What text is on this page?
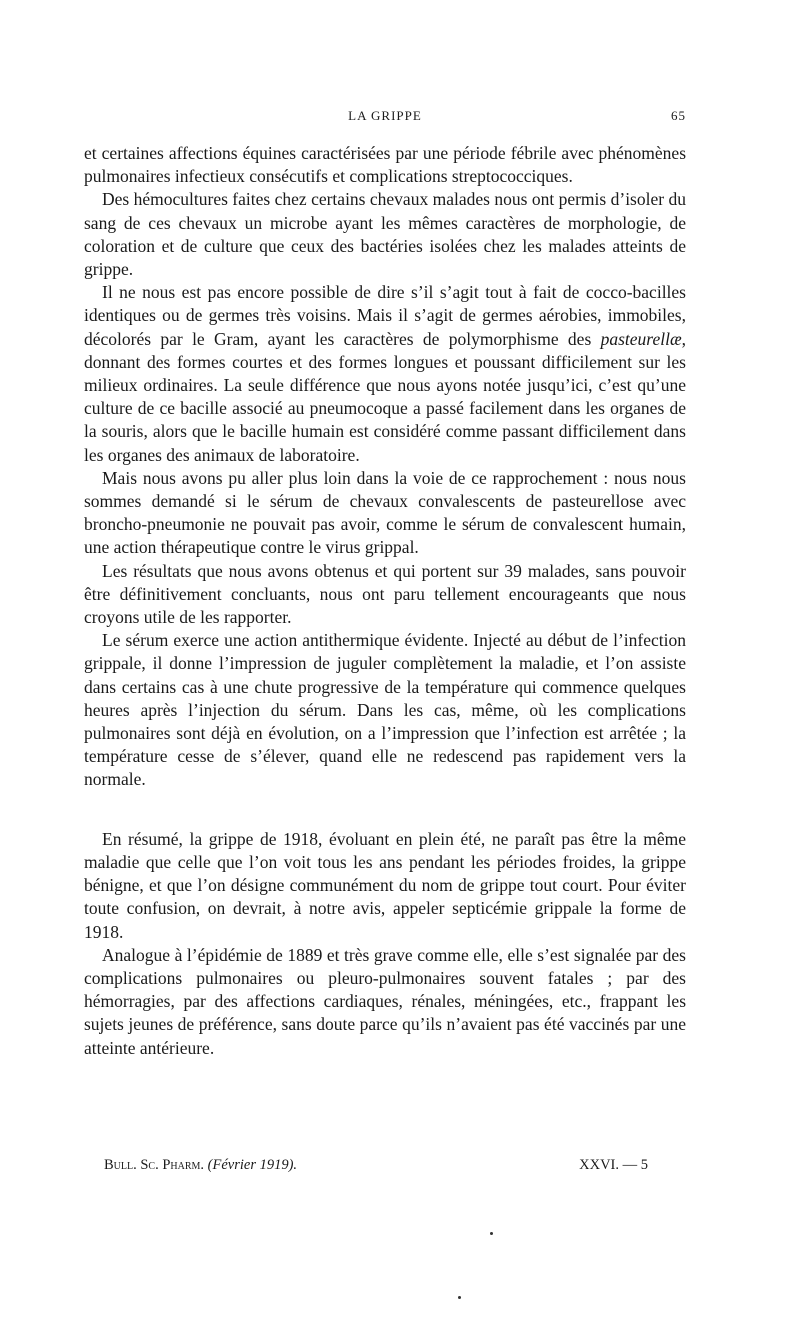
LA GRIPPE	65

et certaines affections équines caractérisées par une période fébrile avec phénomènes pulmonaires infectieux consécutifs et complications streptococciques.

Des hémocultures faites chez certains chevaux malades nous ont permis d’isoler du sang de ces chevaux un microbe ayant les mêmes caractères de morphologie, de coloration et de culture que ceux des bactéries isolées chez les malades atteints de grippe.

Il ne nous est pas encore possible de dire s’il s’agit tout à fait de cocco-bacilles identiques ou de germes très voisins. Mais il s’agit de germes aérobies, immobiles, décolorés par le Gram, ayant les caractères de polymorphisme des pasteurellæ, donnant des formes courtes et des formes longues et poussant difficilement sur les milieux ordinaires. La seule différence que nous ayons notée jusqu’ici, c’est qu’une culture de ce bacille associé au pneumocoque a passé facilement dans les organes de la souris, alors que le bacille humain est considéré comme passant difficilement dans les organes des animaux de laboratoire.

Mais nous avons pu aller plus loin dans la voie de ce rapprochement : nous nous sommes demandé si le sérum de chevaux convalescents de pasteurellose avec broncho-pneumonie ne pouvait pas avoir, comme le sérum de convalescent humain, une action thérapeutique contre le virus grippal.

Les résultats que nous avons obtenus et qui portent sur 39 malades, sans pouvoir être définitivement concluants, nous ont paru tellement encourageants que nous croyons utile de les rapporter.

Le sérum exerce une action antithermique évidente. Injecté au début de l’infection grippale, il donne l’impression de juguler complètement la maladie, et l’on assiste dans certains cas à une chute progressive de la température qui commence quelques heures après l’injection du sérum. Dans les cas, même, où les complications pulmonaires sont déjà en évolution, on a l’impression que l’infection est arrêtée ; la température cesse de s’élever, quand elle ne redescend pas rapidement vers la normale.

En résumé, la grippe de 1918, évoluant en plein été, ne paraît pas être la même maladie que celle que l’on voit tous les ans pendant les périodes froides, la grippe bénigne, et que l’on désigne communément du nom de grippe tout court. Pour éviter toute confusion, on devrait, à notre avis, appeler septicémie grippale la forme de 1918.

Analogue à l’épidémie de 1889 et très grave comme elle, elle s’est signalée par des complications pulmonaires ou pleuro-pulmonaires souvent fatales ; par des hémorragies, par des affections cardiaques, rénales, méningées, etc., frappant les sujets jeunes de préférence, sans doute parce qu’ils n’avaient pas été vaccinés par une atteinte antérieure.

Bull. Sc. Pharm. (Février 1919).	XXVI. — 5
